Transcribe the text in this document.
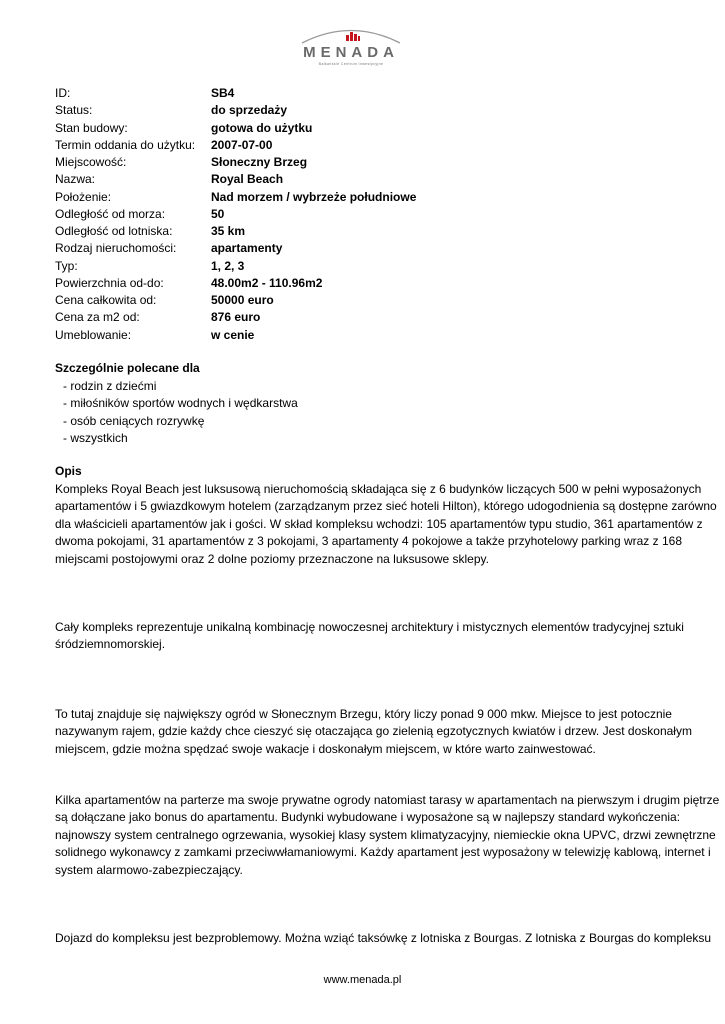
MENADA
Bałkańskie Centrum Inwestycyjne
ID:	SB4
Status:	do sprzedaży
Stan budowy:	gotowa do użytku
Termin oddania do użytku: 2007-07-00
Miejscowość:	Słoneczny Brzeg
Nazwa:	Royal Beach
Położenie:	Nad morzem / wybrzeże południowe
Odległość od morza:	50
Odległość od lotniska:	35 km
Rodzaj nieruchomości:	apartamenty
Typ:	1, 2, 3
Powierzchnia od-do:	48.00m2 - 110.96m2
Cena całkowita od:	50000 euro
Cena za m2 od:	876 euro
Umeblowanie:	w cenie
Szczególnie polecane dla
- rodzin z dziećmi
- miłośników sportów wodnych i wędkarstwa
- osób ceniących rozrywkę
- wszystkich
Opis
Kompleks Royal Beach jest luksusową nieruchomością składająca się z 6 budynków liczących 500 w pełni wyposażonych
apartamentów i 5 gwiazdkowym hotelem (zarządzanym przez sieć hoteli Hilton), którego udogodnienia są dostępne zarówno
dla właścicieli apartamentów jak i gości. W skład kompleksu wchodzi: 105 apartamentów typu studio, 361 apartamentów z
dwoma pokojami, 31 apartamentów z 3 pokojami, 3 apartamenty 4 pokojowe a także przyhotelowy parking wraz z 168
miejscami postojowymi oraz 2 dolne poziomy przeznaczone na luksusowe sklepy.
Cały kompleks reprezentuje unikalną kombinację nowoczesnej architektury i mistycznych elementów tradycyjnej sztuki
śródziemnomorskiej.
To tutaj znajduje się największy ogród w Słonecznym Brzegu, który liczy ponad 9 000 mkw. Miejsce to jest potocznie
nazywanym rajem, gdzie każdy chce cieszyć się otaczająca go zielenią egzotycznych kwiatów i drzew. Jest doskonałym
miejscem, gdzie można spędzać swoje wakacje i doskonałym miejscem, w które warto zainwestować.
Kilka apartamentów na parterze ma swoje prywatne ogrody natomiast tarasy w apartamentach na pierwszym i drugim piętrze
są dołączane jako bonus do apartamentu. Budynki wybudowane i wyposażone są w najlepszy standard wykończenia:
najnowszy system centralnego ogrzewania, wysokiej klasy system klimatyzacyjny, niemieckie okna UPVC, drzwi zewnętrzne
solidnego wykonawcy z zamkami przeciwwłamaniowymi. Każdy apartament jest wyposażony w telewizję kablową, internet i
system alarmowo-zabezpieczający.
Dojazd do kompleksu jest bezproblemowy. Można wziąć taksówkę z lotniska z Bourgas. Z lotniska z Bourgas do kompleksu
www.menada.pl
